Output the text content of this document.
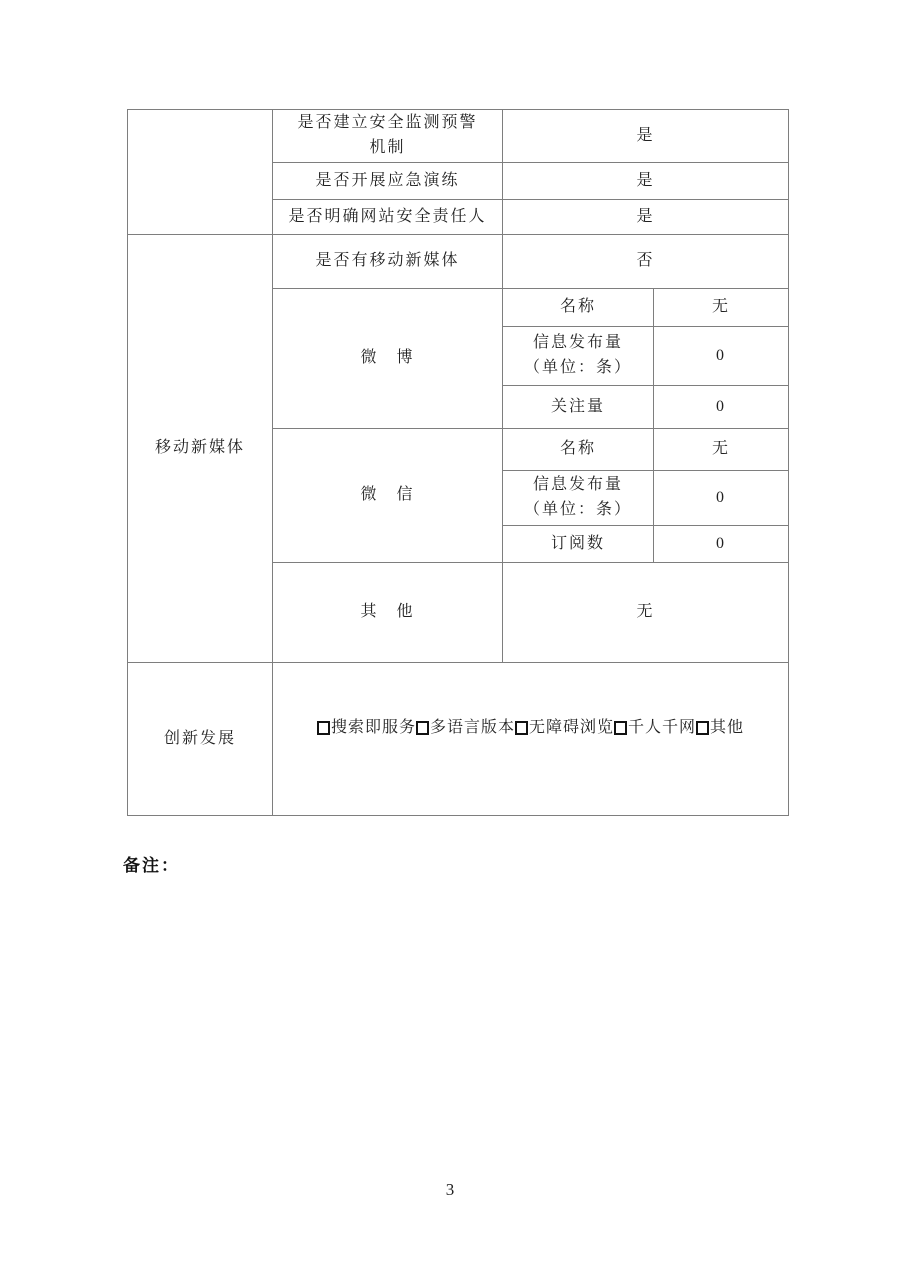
	是否建立安全监测预警机制	是	
	是否开展应急演练	是	
	是否明确网站安全责任人	是	
移动新媒体	是否有移动新媒体	否	
	微　博	名称	无

		信息发布量
（单位：条）	0
		关注量	0
	微　信	名称	无

		信息发布量
（单位：条）	0
		订阅数	0
	其　他	无	
创新发展	搜索即服务 多语言版本 无障碍浏览 千人千网 其他		
备注：
3
